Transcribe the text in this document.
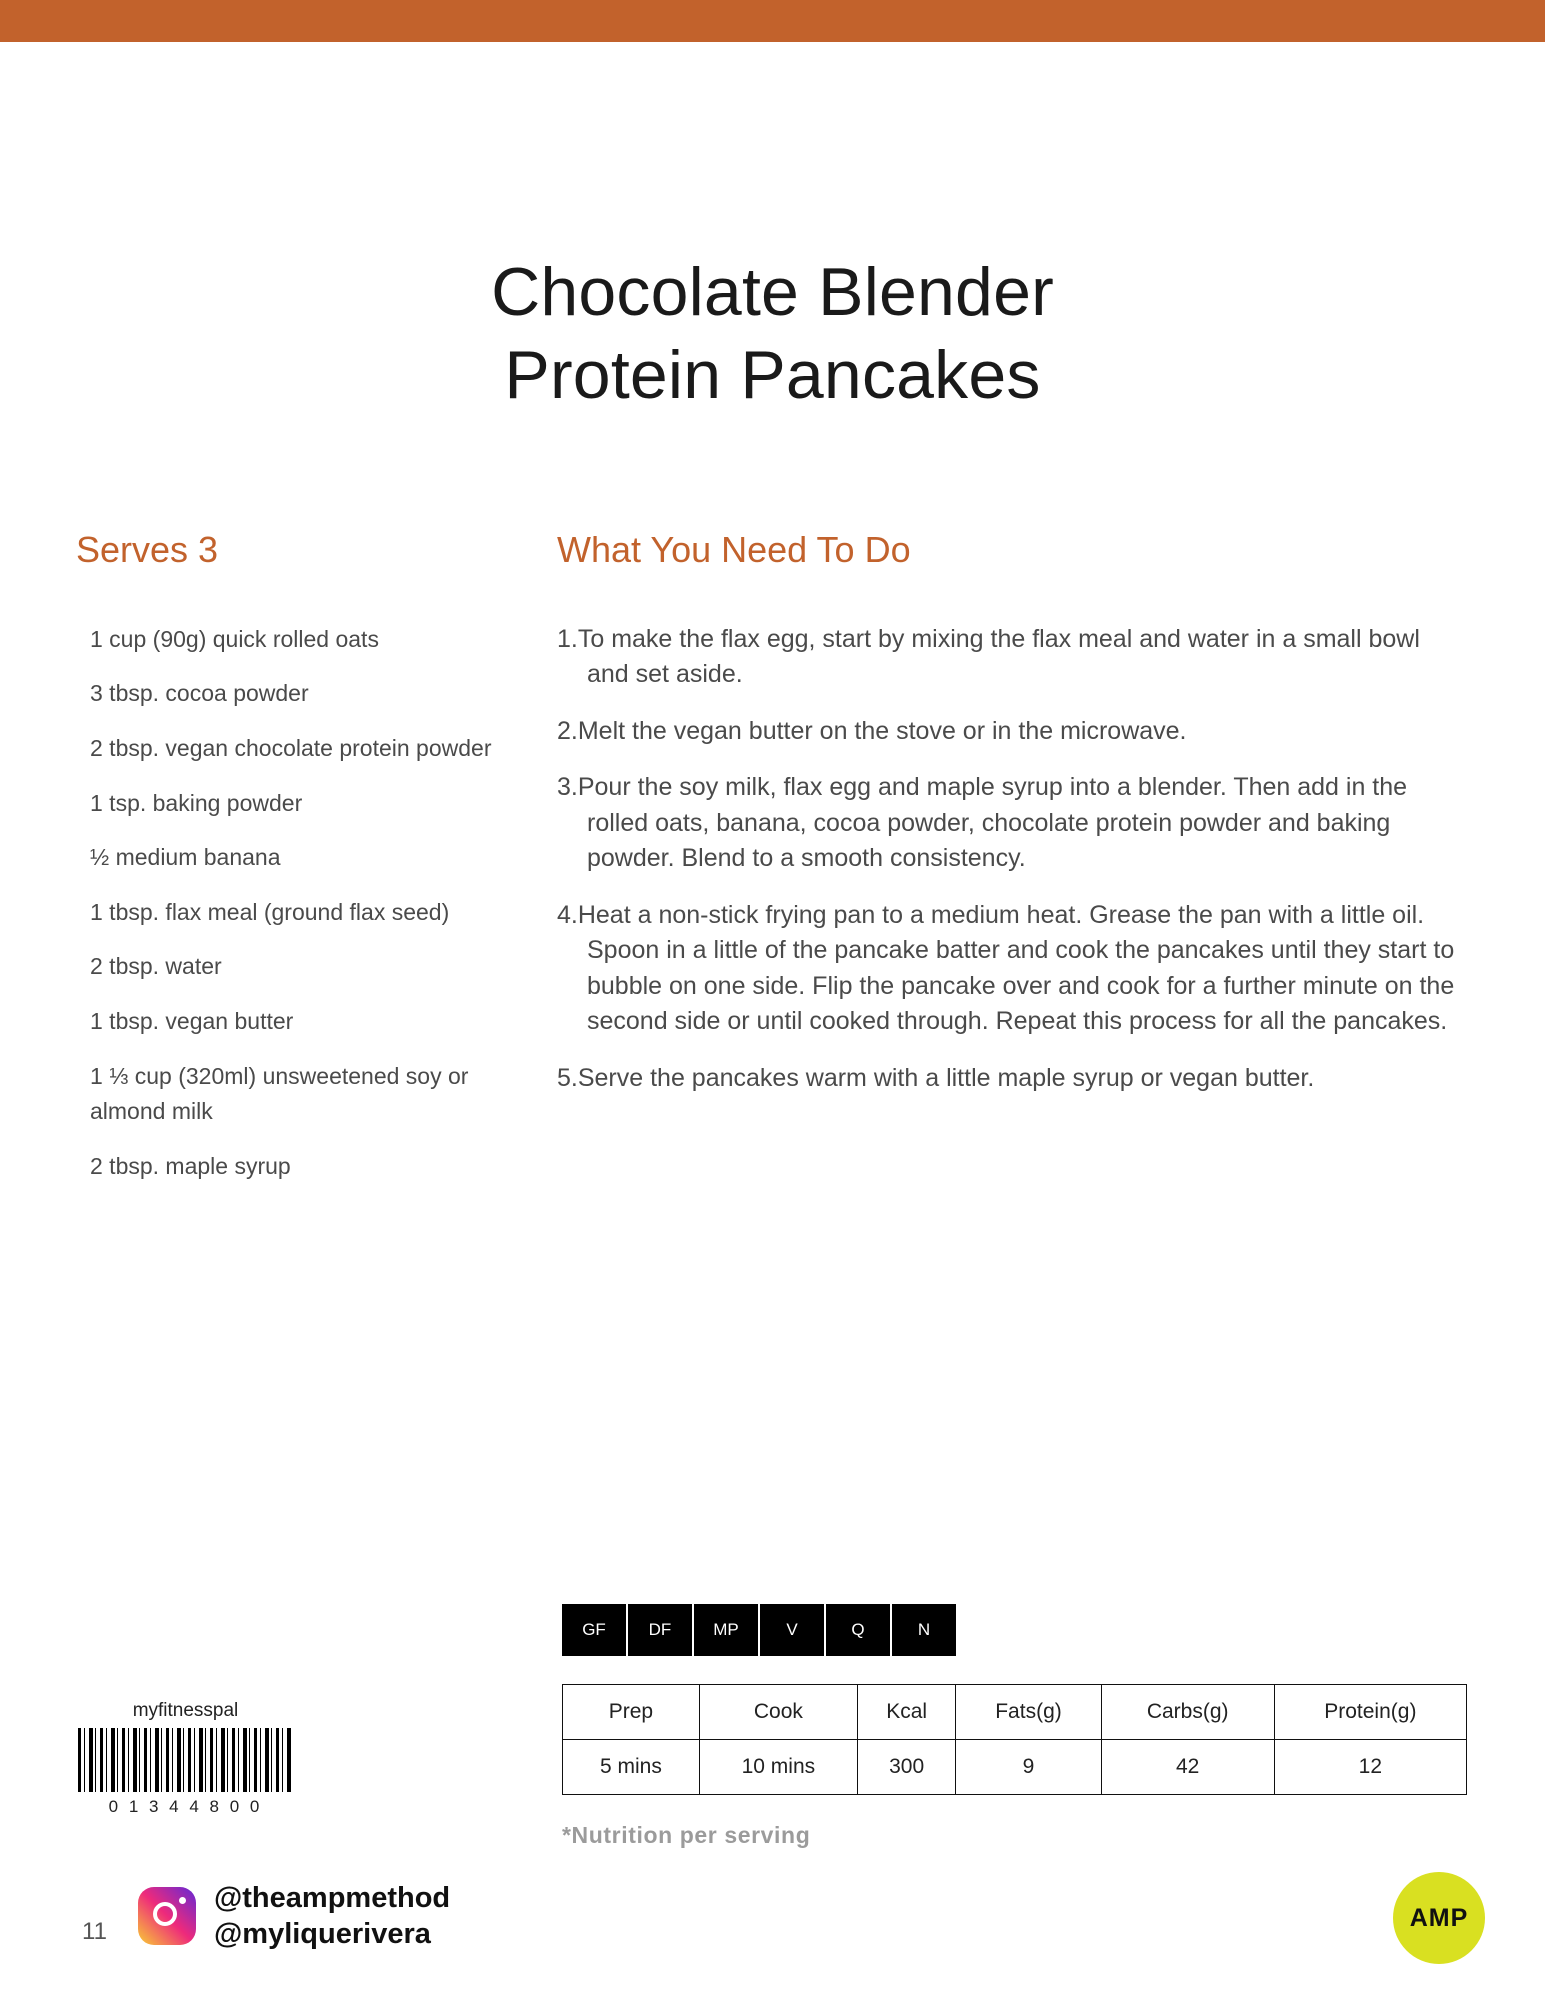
Chocolate Blender
Protein Pancakes
Serves 3
1 cup (90g) quick rolled oats
3 tbsp. cocoa powder
2 tbsp. vegan chocolate protein powder
1 tsp. baking powder
½ medium banana
1 tbsp. flax meal (ground flax seed)
2 tbsp. water
1 tbsp. vegan butter
1 ⅓ cup (320ml) unsweetened soy or almond milk
2 tbsp. maple syrup
What You Need To Do
1.To make the flax egg, start by mixing the flax meal and water in a small bowl and set aside.
2.Melt the vegan butter on the stove or in the microwave.
3.Pour the soy milk, flax egg and maple syrup into a blender. Then add in the rolled oats, banana, cocoa powder, chocolate protein powder and baking powder. Blend to a smooth consistency.
4.Heat a non-stick frying pan to a medium heat. Grease the pan with a little oil. Spoon in a little of the pancake batter and cook the pancakes until they start to bubble on one side. Flip the pancake over and cook for a further minute on the second side or until cooked through. Repeat this process for all the pancakes.
5.Serve the pancakes warm with a little maple syrup or vegan butter.
GF	DF	MP	V	Q	N
Prep	Cook	Kcal	Fats(g)	Carbs(g)	Protein(g)
5 mins	10 mins	300	9	42	12
*Nutrition per serving
myfitnesspal
0 1 3 4 4 8 0 0
11
@theampmethod
@myliquerivera
AMP
